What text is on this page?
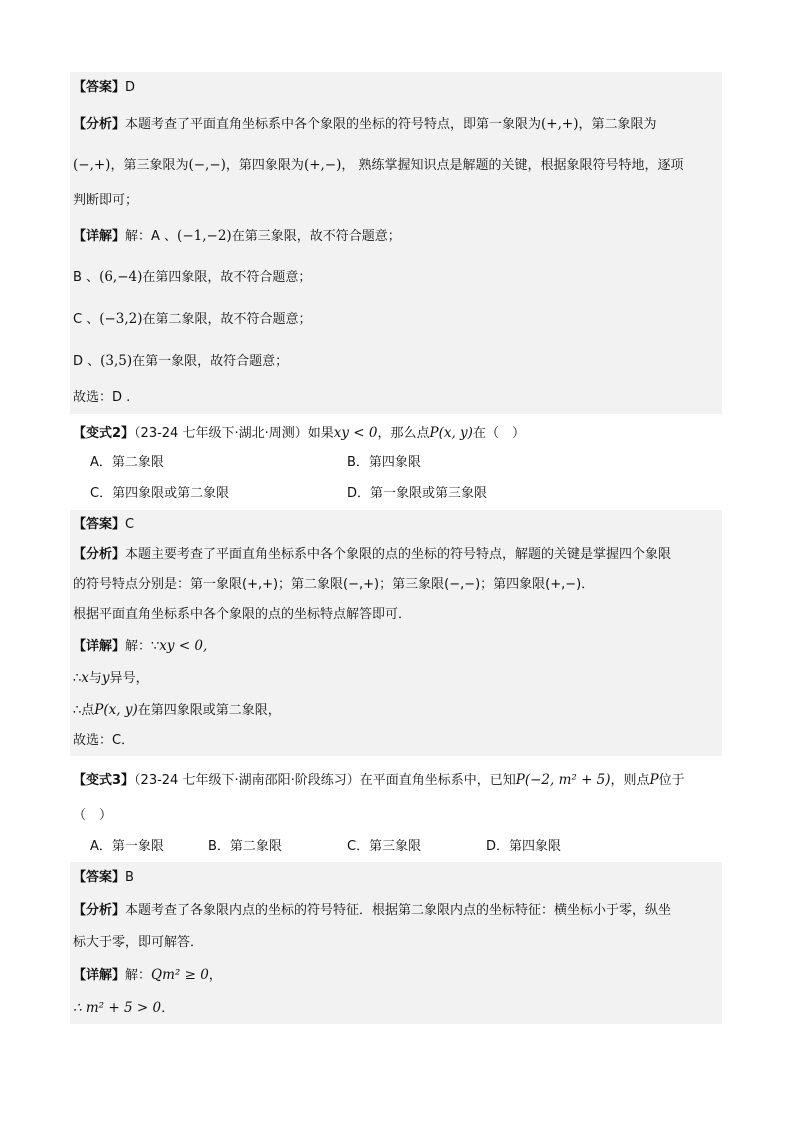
【答案】D
【分析】本题考查了平面直角坐标系中各个象限的坐标的符号特点，即第一象限为(+,+)，第二象限为
(−,+)，第三象限为(−,−)，第四象限为(+,−)， 熟练掌握知识点是解题的关键，根据象限符号特地，逐项
判断即可；
【详解】解：A 、(−1,−2)在第三象限，故不符合题意；
B 、(6,−4)在第四象限，故不符合题意；
C 、(−3,2)在第二象限，故不符合题意；
D 、(3,5)在第一象限，故符合题意；
故选：D .
【变式2】（23-24 七年级下·湖北·周测）如果xy < 0，那么点P(x, y)在（　）
A．第二象限	B．第四象限
C．第四象限或第二象限	D．第一象限或第三象限
【答案】C
【分析】本题主要考查了平面直角坐标系中各个象限的点的坐标的符号特点，解题的关键是掌握四个象限
的符号特点分别是：第一象限(+,+)；第二象限(−,+)；第三象限(−,−)；第四象限(+,−)．
根据平面直角坐标系中各个象限的点的坐标特点解答即可．
【详解】解：∵xy < 0,
∴x与y异号，
∴点P(x, y)在第四象限或第二象限，
故选：C．
【变式3】（23-24 七年级下·湖南邵阳·阶段练习）在平面直角坐标系中，已知P(−2, m² + 5)，则点P位于
（　）
A．第一象限	B．第二象限	C．第三象限	D．第四象限
【答案】B
【分析】本题考查了各象限内点的坐标的符号特征．根据第二象限内点的坐标特征：横坐标小于零，纵坐
标大于零，即可解答．
【详解】解：Qm² ≥ 0，
∴ m² + 5 > 0．
